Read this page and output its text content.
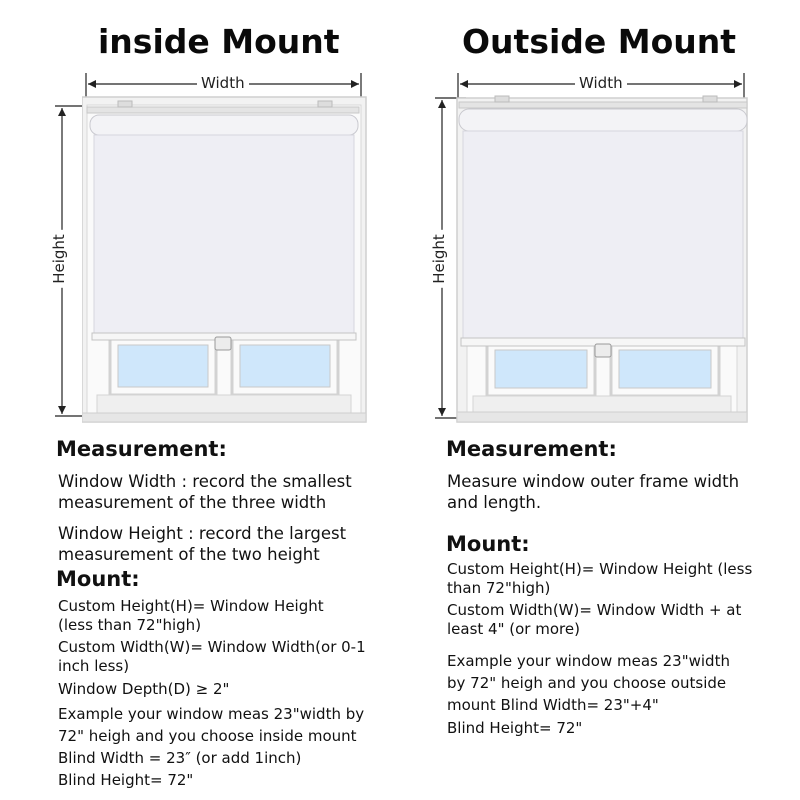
inside Mount
Width
Height
Measurement:
Window Width : record the smallest measurement of the three width
Window Height : record the largest measurement of the two height
Mount:
Custom Height(H)= Window Height (less than 72"high)
Custom Width(W)= Window Width(or 0-1 inch less)
Window Depth(D) ≥ 2"
Example your window meas 23"width by 72" heigh and you choose inside mount
Blind Width = 23″ (or add 1inch)
Blind Height= 72"
Outside Mount
Width
Height
Measurement:
Measure window outer frame width and length.
Mount:
Custom Height(H)= Window Height (less than 72"high)
Custom Width(W)= Window Width + at least 4" (or more)
Example your window meas 23"width by 72" heigh and you choose outside mount Blind Width= 23"+4"
Blind Height= 72"
